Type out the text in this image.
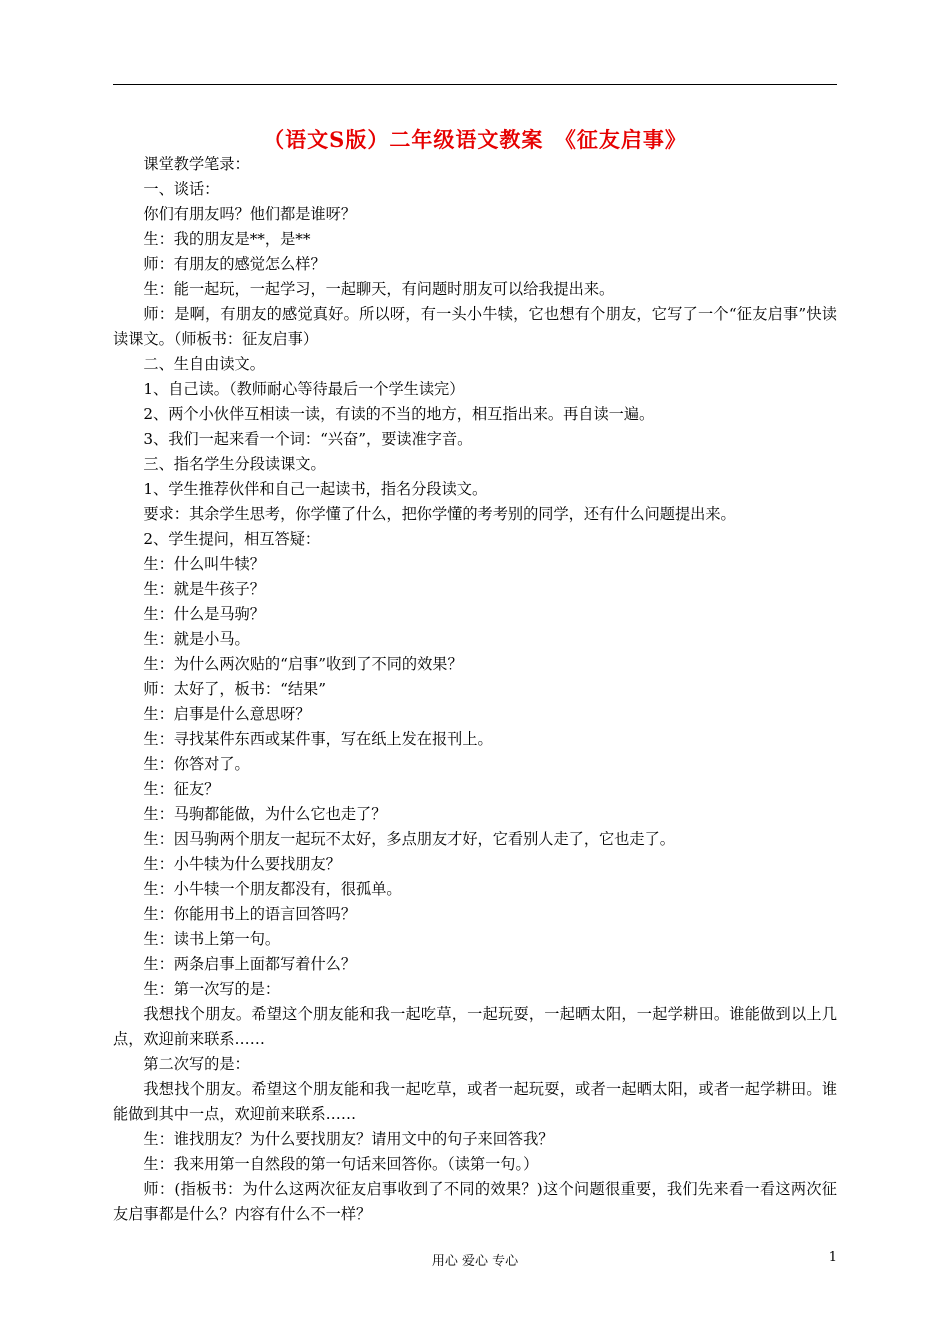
（语文S版）二年级语文教案　《征友启事》

课堂教学笔录：

一、谈话：

你们有朋友吗？他们都是谁呀？

生：我的朋友是**，是**

师：有朋友的感觉怎么样？

生：能一起玩，一起学习，一起聊天，有问题时朋友可以给我提出来。

师：是啊，有朋友的感觉真好。所以呀，有一头小牛犊，它也想有个朋友，它写了一个“征友启事”快读读课文。（师板书：征友启事）

二、生自由读文。

1、自己读。（教师耐心等待最后一个学生读完）

2、两个小伙伴互相读一读，有读的不当的地方，相互指出来。再自读一遍。

3、我们一起来看一个词：“兴奋”，要读准字音。

三、指名学生分段读课文。

1、学生推荐伙伴和自己一起读书，指名分段读文。

要求：其余学生思考，你学懂了什么，把你学懂的考考别的同学，还有什么问题提出来。

2、学生提问，相互答疑：

生：什么叫牛犊？

生：就是牛孩子？

生：什么是马驹？

生：就是小马。

生：为什么两次贴的“启事”收到了不同的效果？

师：太好了，板书：“结果”

生：启事是什么意思呀？

生：寻找某件东西或某件事，写在纸上发在报刊上。

生：你答对了。

生：征友？

生：马驹都能做，为什么它也走了？

生：因马驹两个朋友一起玩不太好，多点朋友才好，它看别人走了，它也走了。

生：小牛犊为什么要找朋友？

生：小牛犊一个朋友都没有，很孤单。

生：你能用书上的语言回答吗？

生：读书上第一句。

生：两条启事上面都写着什么？

生：第一次写的是：

我想找个朋友。希望这个朋友能和我一起吃草，一起玩耍，一起晒太阳，一起学耕田。谁能做到以上几点，欢迎前来联系……

第二次写的是：

我想找个朋友。希望这个朋友能和我一起吃草，或者一起玩耍，或者一起晒太阳，或者一起学耕田。谁能做到其中一点，欢迎前来联系……

生：谁找朋友？为什么要找朋友？请用文中的句子来回答我？

生：我来用第一自然段的第一句话来回答你。（读第一句。）

师：(指板书：为什么这两次征友启事收到了不同的效果？)这个问题很重要，我们先来看一看这两次征友启事都是什么？内容有什么不一样？

用心 爱心 专心	1
